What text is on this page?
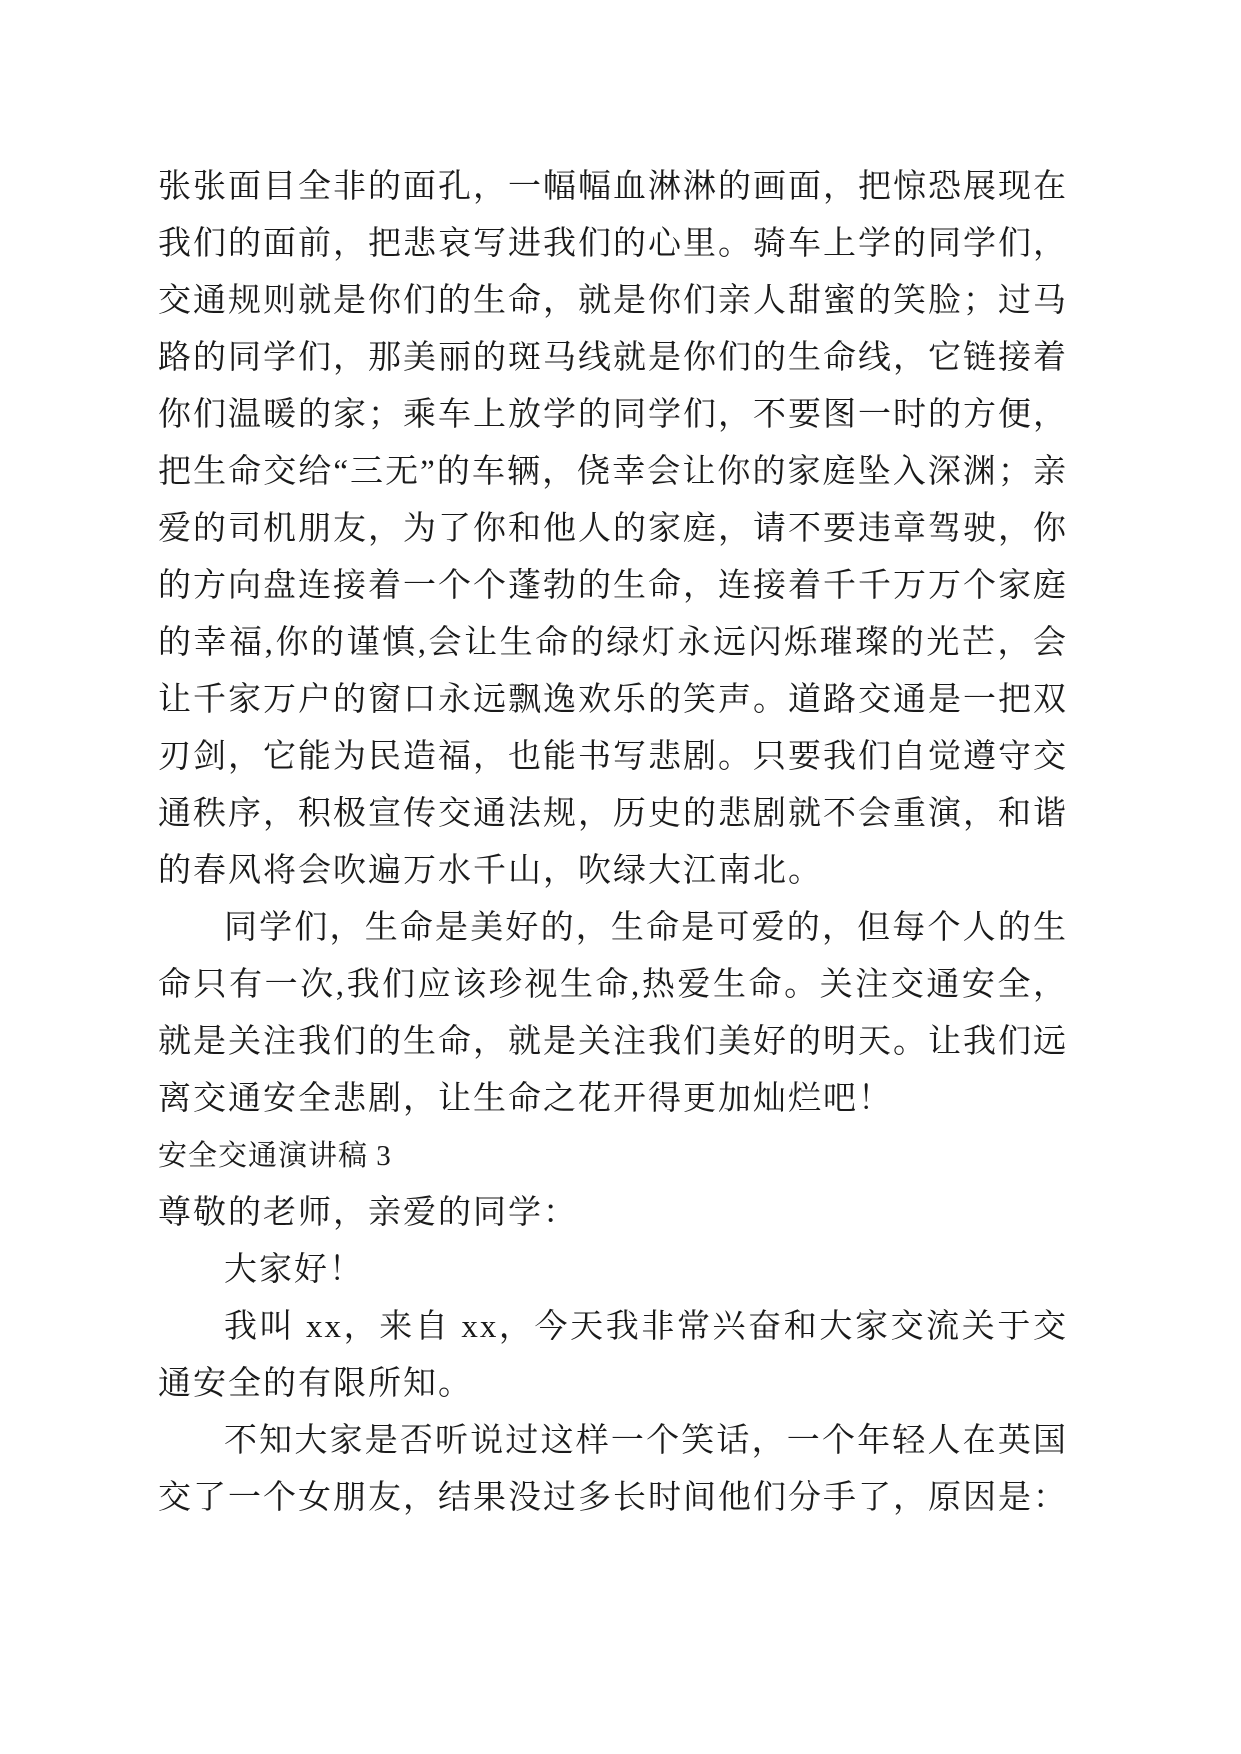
张张面目全非的面孔，一幅幅血淋淋的画面，把惊恐展现在我们的面前，把悲哀写进我们的心里。骑车上学的同学们，交通规则就是你们的生命，就是你们亲人甜蜜的笑脸；过马路的同学们，那美丽的斑马线就是你们的生命线，它链接着你们温暖的家；乘车上放学的同学们，不要图一时的方便，把生命交给“三无”的车辆，侥幸会让你的家庭坠入深渊；亲爱的司机朋友，为了你和他人的家庭，请不要违章驾驶，你的方向盘连接着一个个蓬勃的生命，连接着千千万万个家庭的幸福,你的谨慎,会让生命的绿灯永远闪烁璀璨的光芒，会让千家万户的窗口永远飘逸欢乐的笑声。道路交通是一把双刃剑，它能为民造福，也能书写悲剧。只要我们自觉遵守交通秩序，积极宣传交通法规，历史的悲剧就不会重演，和谐的春风将会吹遍万水千山，吹绿大江南北。

同学们，生命是美好的，生命是可爱的，但每个人的生命只有一次,我们应该珍视生命,热爱生命。关注交通安全，就是关注我们的生命，就是关注我们美好的明天。让我们远离交通安全悲剧，让生命之花开得更加灿烂吧！

安全交通演讲稿 3

尊敬的老师，亲爱的同学：

大家好！

我叫 xx，来自 xx，今天我非常兴奋和大家交流关于交通安全的有限所知。

不知大家是否听说过这样一个笑话，一个年轻人在英国交了一个女朋友，结果没过多长时间他们分手了，原因是：
